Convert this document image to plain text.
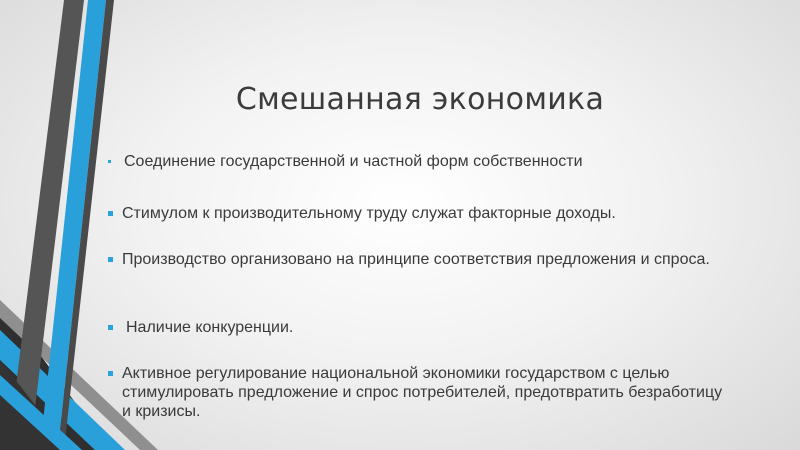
Смешанная экономика
Соединение государственной и частной форм собственности
Стимулом к производительному труду служат факторные доходы.
Производство организовано на принципе соответствия предложения и спроса.
Наличие конкуренции.
Активное регулирование национальной экономики государством с целью стимулировать предложение и спрос потребителей, предотвратить безработицу и кризисы.
